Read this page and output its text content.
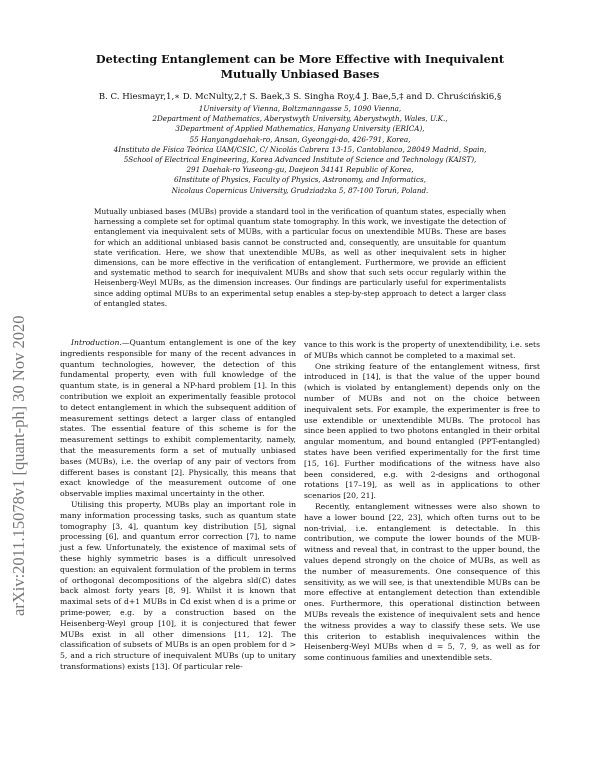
arXiv:2011.15078v1 [quant-ph] 30 Nov 2020
Detecting Entanglement can be More Effective with Inequivalent Mutually Unbiased Bases
B. C. Hiesmayr,1,∗ D. McNulty,2,† S. Baek,3 S. Singha Roy,4 J. Bae,5,‡ and D. Chruściński6,§
1University of Vienna, Boltzmanngasse 5, 1090 Vienna,
2Department of Mathematics, Aberystwyth University, Aberystwyth, Wales, U.K.,
3Department of Applied Mathematics, Hanyang University (ERICA),
55 Hanyangdaehak-ro, Ansan, Gyeonggi-do, 426-791, Korea,
4Instituto de Física Teórica UAM/CSIC, C/ Nicolás Cabrera 13-15, Cantoblanco, 28049 Madrid, Spain,
5School of Electrical Engineering, Korea Advanced Institute of Science and Technology (KAIST),
291 Daehak-ro Yuseong-gu, Daejeon 34141 Republic of Korea,
6Institute of Physics, Faculty of Physics, Astronomy, and Informatics,
Nicolaus Copernicus University, Grudziadzka 5, 87-100 Toruń, Poland.
Mutually unbiased bases (MUBs) provide a standard tool in the verification of quantum states, especially when harnessing a complete set for optimal quantum state tomography. In this work, we investigate the detection of entanglement via inequivalent sets of MUBs, with a particular focus on unextendible MUBs. These are bases for which an additional unbiased basis cannot be constructed and, consequently, are unsuitable for quantum state verification. Here, we show that unextendible MUBs, as well as other inequivalent sets in higher dimensions, can be more effective in the verification of entanglement. Furthermore, we provide an efficient and systematic method to search for inequivalent MUBs and show that such sets occur regularly within the Heisenberg-Weyl MUBs, as the dimension increases. Our findings are particularly useful for experimentalists since adding optimal MUBs to an experimental setup enables a step-by-step approach to detect a larger class of entangled states.

Introduction.—Quantum entanglement is one of the key ingredients responsible for many of the recent advances in quantum technologies, however, the detection of this fundamental property, even with full knowledge of the quantum state, is in general a NP-hard problem [1]. In this contribution we exploit an experimentally feasible protocol to detect entanglement in which the subsequent addition of measurement settings detect a larger class of entangled states. The essential feature of this scheme is for the measurement settings to exhibit complementarity, namely, that the measurements form a set of mutually unbiased bases (MUBs), i.e. the overlap of any pair of vectors from different bases is constant [2]. Physically, this means that exact knowledge of the measurement outcome of one observable implies maximal uncertainty in the other.

Utilising this property, MUBs play an important role in many information processing tasks, such as quantum state tomography [3, 4], quantum key distribution [5], signal processing [6], and quantum error correction [7], to name just a few. Unfortunately, the existence of maximal sets of these highly symmetric bases is a difficult unresolved question: an equivalent formulation of the problem in terms of orthogonal decompositions of the algebra sld(ℂ) dates back almost forty years [8, 9]. Whilst it is known that maximal sets of d+1 MUBs in ℂd exist when d is a prime or prime-power, e.g. by a construction based on the Heisenberg-Weyl group [10], it is conjectured that fewer MUBs exist in all other dimensions [11, 12]. The classification of subsets of MUBs is an open problem for d > 5, and a rich structure of inequivalent MUBs (up to unitary transformations) exists [13]. Of particular rele-

vance to this work is the property of unextendibility, i.e. sets of MUBs which cannot be completed to a maximal set.

One striking feature of the entanglement witness, first introduced in [14], is that the value of the upper bound (which is violated by entanglement) depends only on the number of MUBs and not on the choice between inequivalent sets. For example, the experimenter is free to use extendible or unextendible MUBs. The protocol has since been applied to two photons entangled in their orbital angular momentum, and bound entangled (PPT-entangled) states have been verified experimentally for the first time [15, 16]. Further modifications of the witness have also been considered, e.g. with 2-designs and orthogonal rotations [17–19], as well as in applications to other scenarios [20, 21].

Recently, entanglement witnesses were also shown to have a lower bound [22, 23], which often turns out to be non-trivial, i.e. entanglement is detectable. In this contribution, we compute the lower bounds of the MUB-witness and reveal that, in contrast to the upper bound, the values depend strongly on the choice of MUBs, as well as the number of measurements. One consequence of this sensitivity, as we will see, is that unextendible MUBs can be more effective at entanglement detection than extendible ones. Furthermore, this operational distinction between MUBs reveals the existence of inequivalent sets and hence the witness provides a way to classify these sets. We use this criterion to establish inequivalences within the Heisenberg-Weyl MUBs when d = 5, 7, 9, as well as for some continuous families and unextendible sets.
